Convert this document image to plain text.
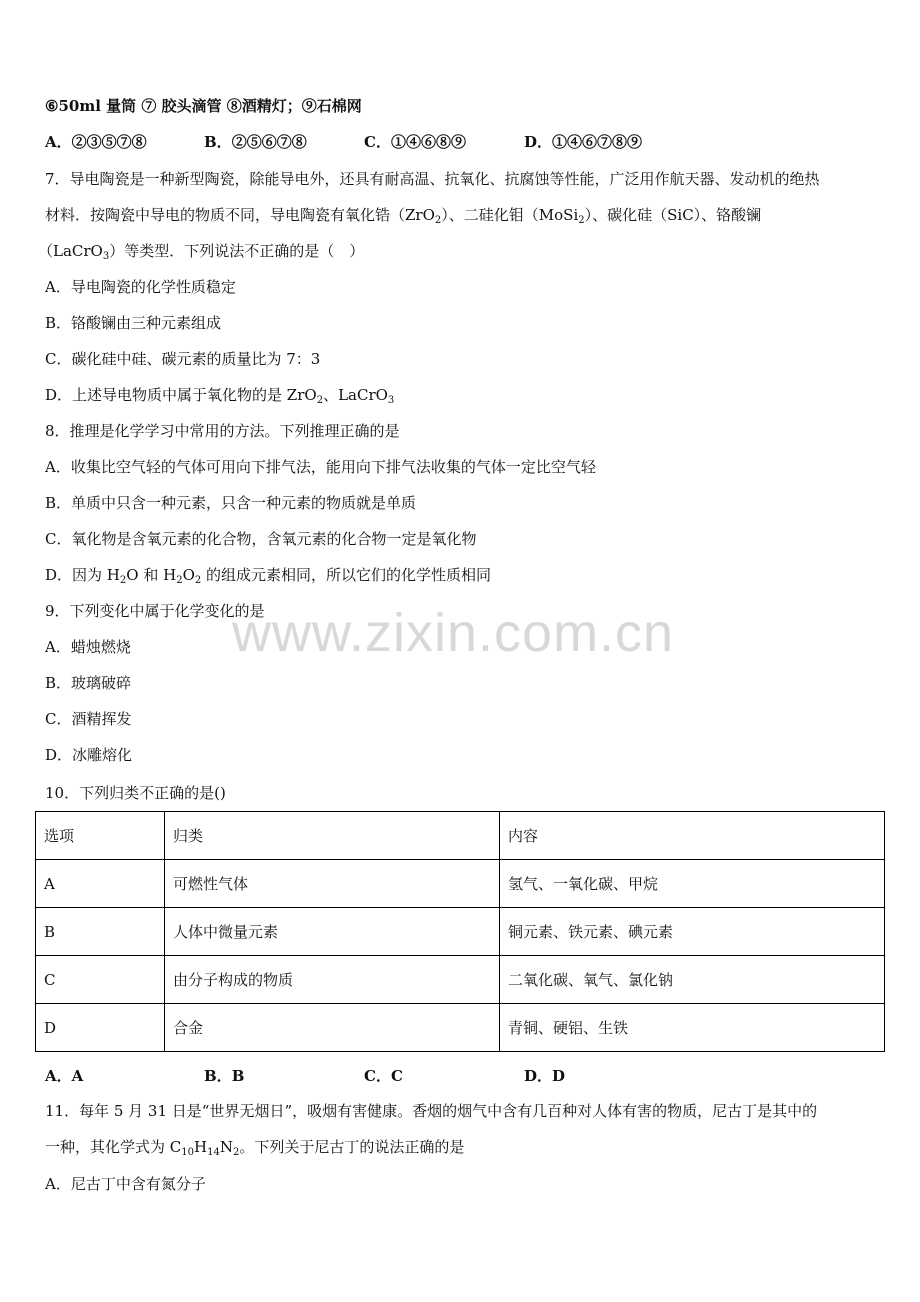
⑥50ml 量筒 ⑦ 胶头滴管 ⑧酒精灯；⑨石棉网
A．②③⑤⑦⑧	B．②⑤⑥⑦⑧	C．①④⑥⑧⑨	D．①④⑥⑦⑧⑨
7．导电陶瓷是一种新型陶瓷，除能导电外，还具有耐高温、抗氧化、抗腐蚀等性能，广泛用作航天器、发动机的绝热
材料．按陶瓷中导电的物质不同，导电陶瓷有氧化锆（ZrO$_2$）、二硅化钼（MoSi$_2$）、碳化硅（SiC）、铬酸镧
（LaCrO$_3$）等类型．下列说法不正确的是（　）
A．导电陶瓷的化学性质稳定
B．铬酸镧由三种元素组成
C．碳化硅中硅、碳元素的质量比为 7：3
D．上述导电物质中属于氧化物的是 ZrO$_2$、LaCrO$_3$
8．推理是化学学习中常用的方法。下列推理正确的是
A．收集比空气轻的气体可用向下排气法，能用向下排气法收集的气体一定比空气轻
B．单质中只含一种元素，只含一种元素的物质就是单质
C．氧化物是含氧元素的化合物，含氧元素的化合物一定是氧化物
D．因为 $H_2O$ 和 $H_2O_2$ 的组成元素相同，所以它们的化学性质相同
9．下列变化中属于化学变化的是
A．蜡烛燃烧
B．玻璃破碎
C．酒精挥发
D．冰雕熔化
10．下列归类不正确的是()
选项	归类	内容
A	可燃性气体	氢气、一氧化碳、甲烷
B	人体中微量元素	铜元素、铁元素、碘元素
C	由分子构成的物质	二氧化碳、氧气、氯化钠
D	合金	青铜、硬铝、生铁
A．A	B．B	C．C	D．D
11．每年 5 月 31 日是“世界无烟日”，吸烟有害健康。香烟的烟气中含有几百种对人体有害的物质，尼古丁是其中的
一种，其化学式为 $C_{10}H_{14}N_2$。下列关于尼古丁的说法正确的是
A．尼古丁中含有氮分子
www.zixin.com.cn
